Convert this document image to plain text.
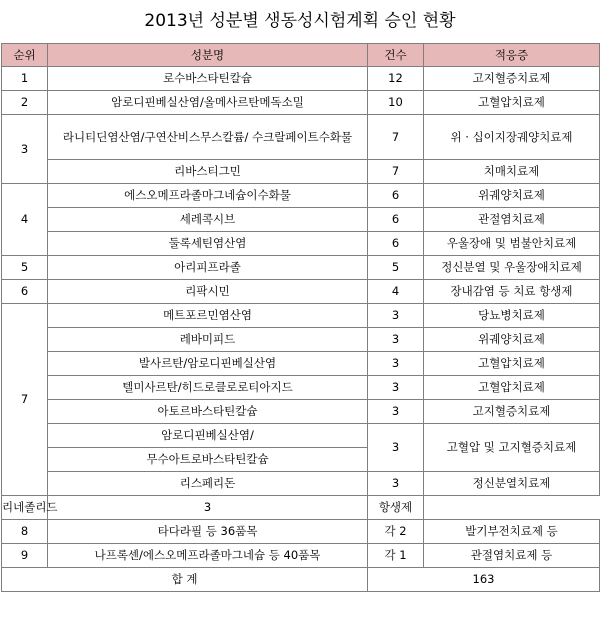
2013년 성분별 생동성시험계획 승인 현황
순위	성분명	건수	적응증
1	로수바스타틴칼슘	12	고지혈증치료제
2	암로디핀베실산염/올메사르탄메독소밀	10	고혈압치료제
3	라니티딘염산염/구연산비스무스칼륨/ 수크랄페이트수화물	7	위 · 십이지장궤양치료제
	리바스티그민	7	치매치료제
4	에스오메프라졸마그네슘이수화물	6	위궤양치료제
	세레콕시브	6	관절염치료제
	둘록세틴염산염	6	우울장애 및 범불안치료제
5	아리피프라졸	5	정신분열 및 우울장애치료제
6	리팍시민	4	장내감염 등 치료 항생제
7	메트포르민염산염	3	당뇨병치료제
	레바미피드	3	위궤양치료제
	발사르탄/암로디핀베실산염	3	고혈압치료제
	텔미사르탄/히드로클로로티아지드	3	고혈압치료제
	아토르바스타틴칼슘	3	고지혈증치료제
	암로디핀베실산염/	3	고혈압 및 고지혈증치료제
	무수아트로바스타틴칼슘		
	리스페리돈	3	정신분열치료제
리네졸리드	3	항생제	
8	타다라필 등 36품목	각 2	발기부전치료제 등
9	나프록센/에스오메프라졸마그네슘 등 40품목	각 1	관절염치료제 등
합 계		163	
